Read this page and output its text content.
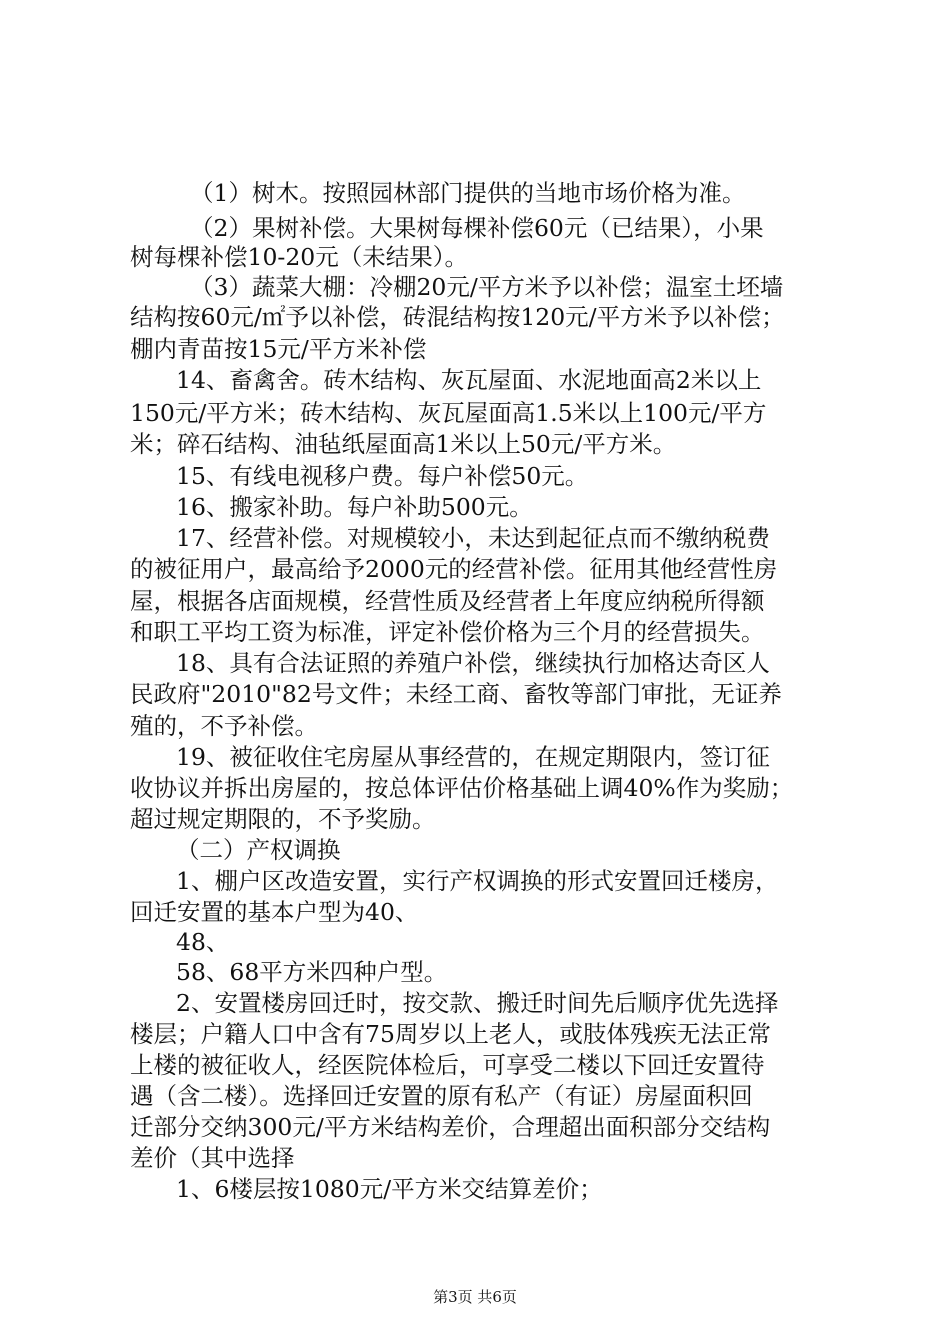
（1）树木。按照园林部门提供的当地市场价格为准。
（2）果树补偿。大果树每棵补偿60元（已结果），小果
树每棵补偿10-20元（未结果）。
（3）蔬菜大棚：冷棚20元/平方米予以补偿；温室土坯墙
结构按60元/㎡予以补偿，砖混结构按120元/平方米予以补偿；
棚内青苗按15元/平方米补偿
14、畜禽舍。砖木结构、灰瓦屋面、水泥地面高2米以上
150元/平方米；砖木结构、灰瓦屋面高1.5米以上100元/平方
米；碎石结构、油毡纸屋面高1米以上50元/平方米。
15、有线电视移户费。每户补偿50元。
16、搬家补助。每户补助500元。
17、经营补偿。对规模较小，未达到起征点而不缴纳税费
的被征用户，最高给予2000元的经营补偿。征用其他经营性房
屋，根据各店面规模，经营性质及经营者上年度应纳税所得额
和职工平均工资为标准，评定补偿价格为三个月的经营损失。
18、具有合法证照的养殖户补偿，继续执行加格达奇区人
民政府"2010"82号文件；未经工商、畜牧等部门审批，无证养
殖的，不予补偿。
19、被征收住宅房屋从事经营的，在规定期限内，签订征
收协议并拆出房屋的，按总体评估价格基础上调40%作为奖励；
超过规定期限的，不予奖励。
（二）产权调换
1、棚户区改造安置，实行产权调换的形式安置回迁楼房，
回迁安置的基本户型为40、
48、
58、68平方米四种户型。
2、安置楼房回迁时，按交款、搬迁时间先后顺序优先选择
楼层；户籍人口中含有75周岁以上老人，或肢体残疾无法正常
上楼的被征收人，经医院体检后，可享受二楼以下回迁安置待
遇（含二楼）。选择回迁安置的原有私产（有证）房屋面积回
迁部分交纳300元/平方米结构差价，合理超出面积部分交结构
差价（其中选择
1、6楼层按1080元/平方米交结算差价；
第3页 共6页
